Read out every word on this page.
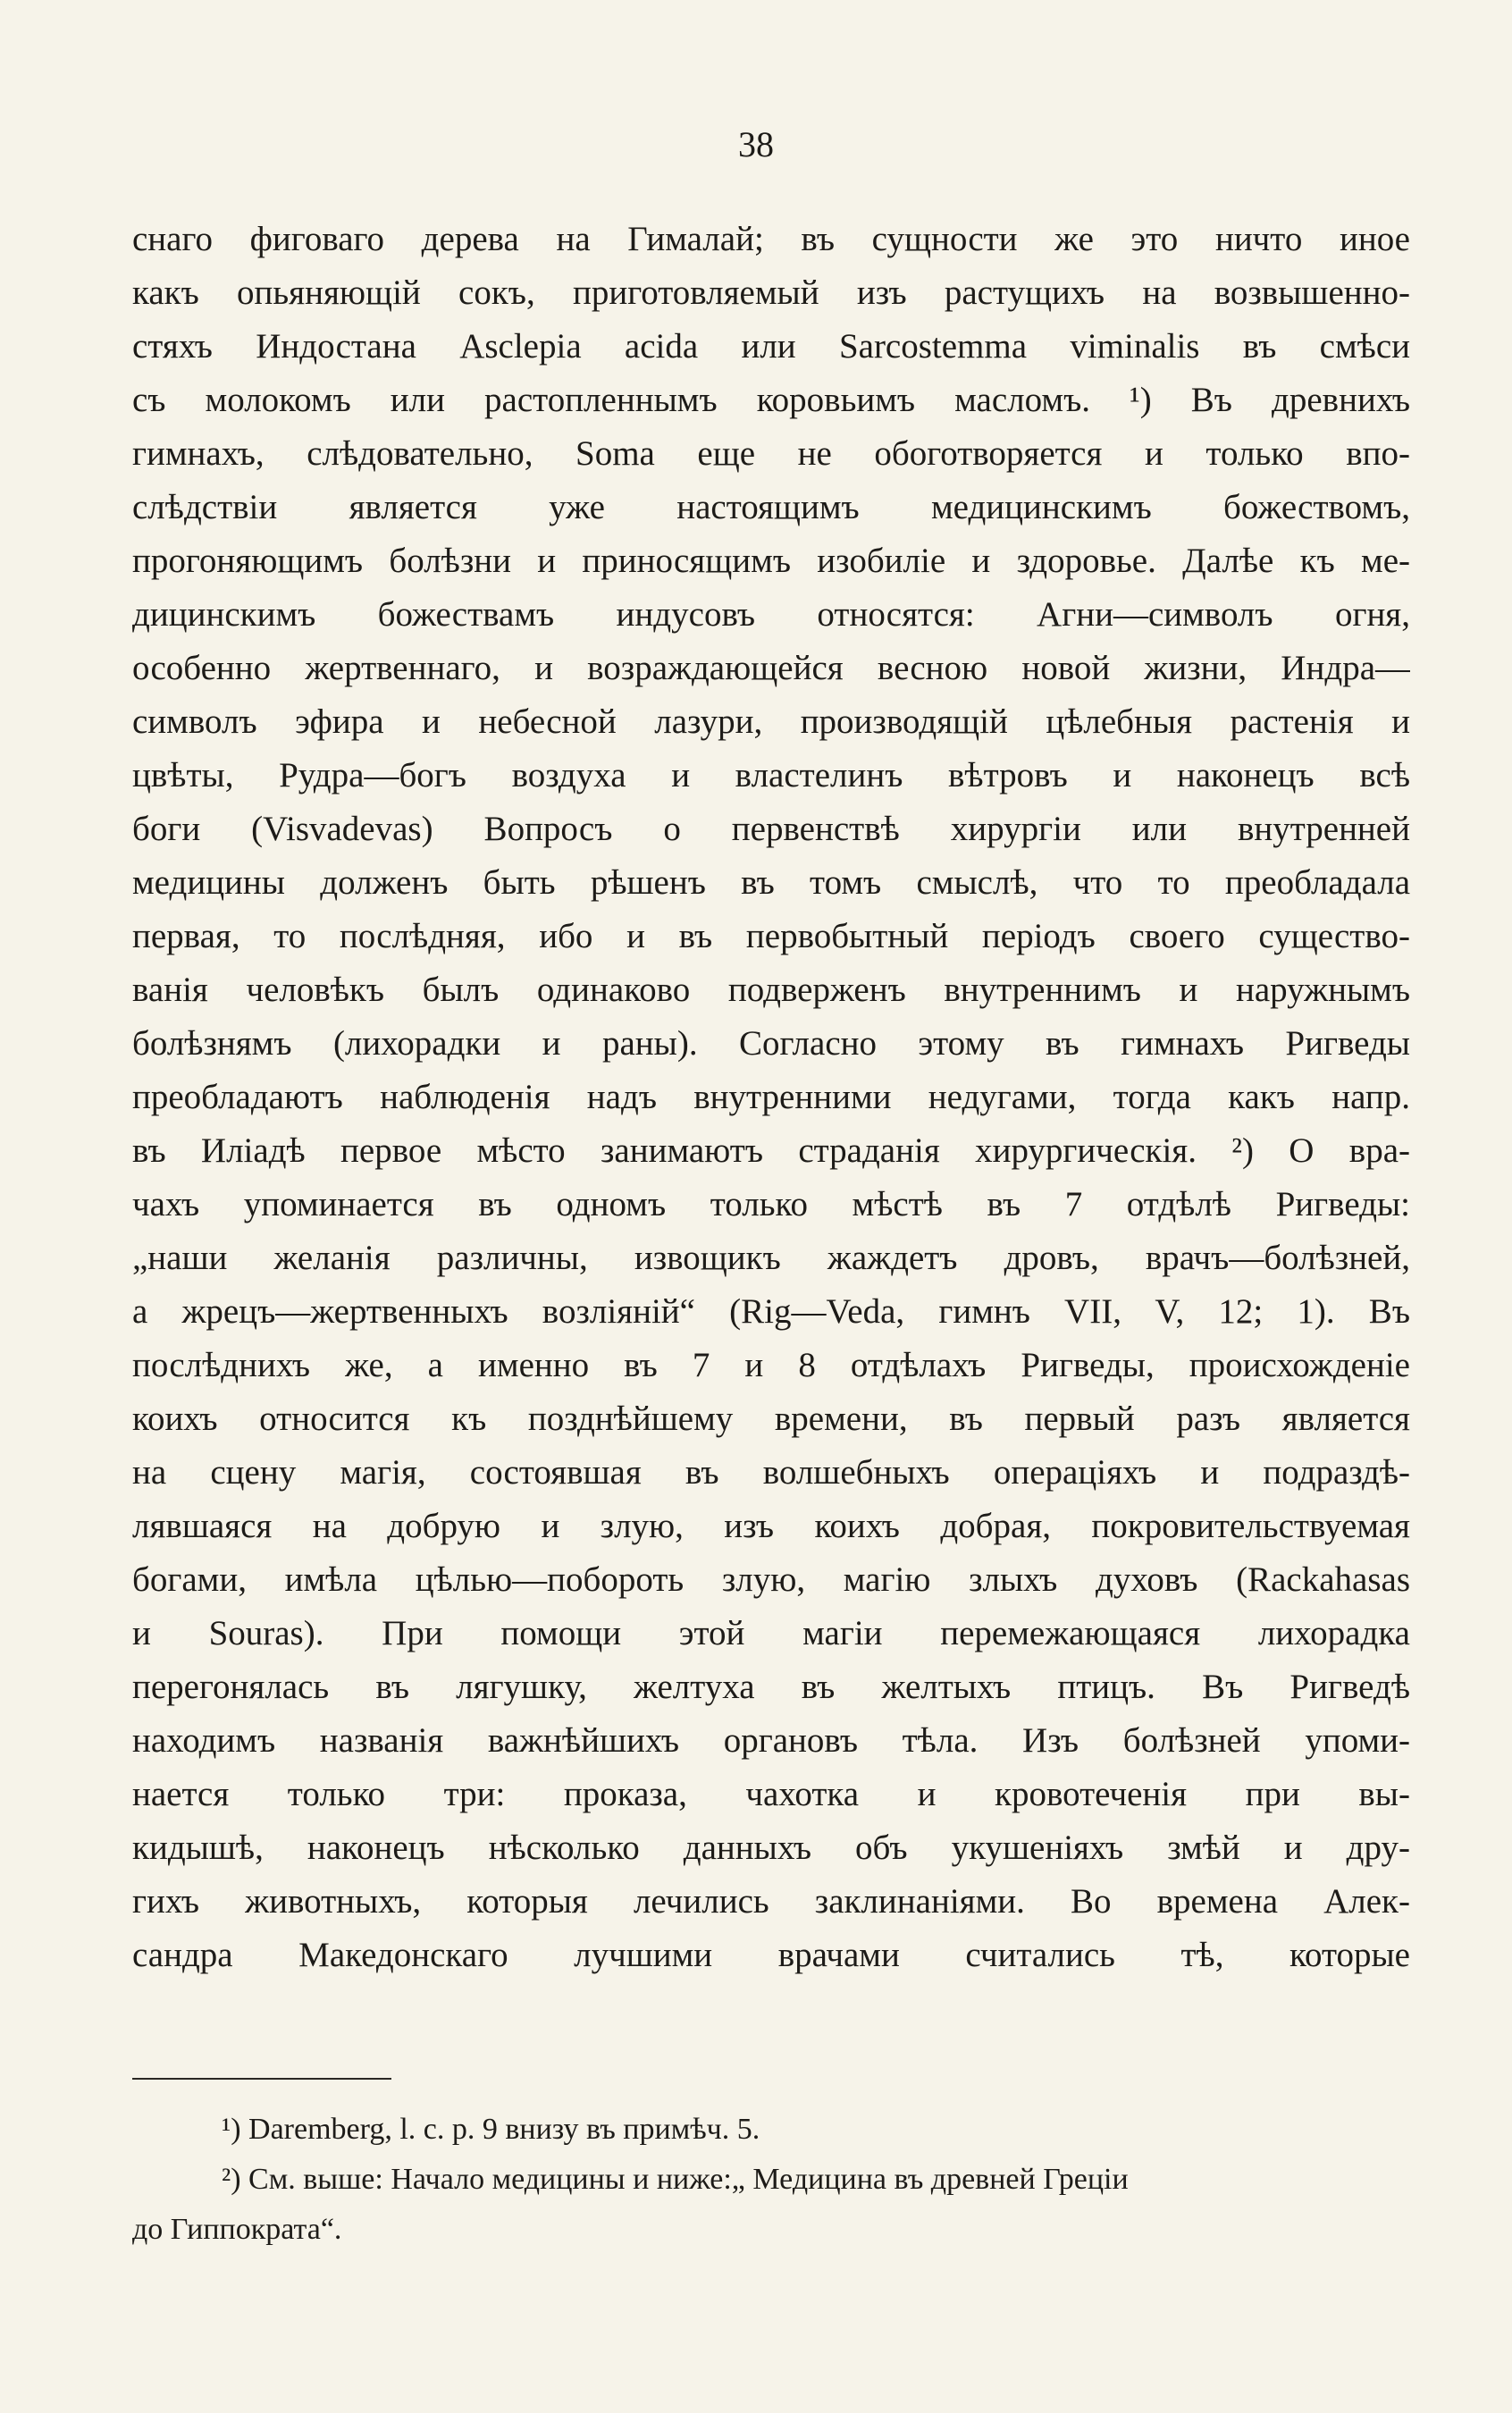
38
снаго фиговаго дерева на Гималай; въ сущности же это ничто иное
какъ опьяняющій сокъ, приготовляемый изъ растущихъ на возвышенно-
стяхъ Индостана Asclepia acida или Sarcostemma viminalis въ смѣси
съ молокомъ или растопленнымъ коровьимъ масломъ. ¹) Въ древнихъ
гимнахъ, слѣдовательно, Soma еще не обоготворяется и только впо-
слѣдствіи является уже настоящимъ медицинскимъ божествомъ,
прогоняющимъ болѣзни и приносящимъ изобиліе и здоровье. Далѣе къ ме-
дицинскимъ божествамъ индусовъ относятся: Агни—символъ огня,
особенно жертвеннаго, и возраждающейся весною новой жизни, Индра—
символъ эфира и небесной лазури, производящій цѣлебныя растенія и
цвѣты, Рудра—богъ воздуха и властелинъ вѣтровъ и наконецъ всѣ
боги (Visvadevas) Вопросъ о первенствѣ хирургіи или внутренней
медицины долженъ быть рѣшенъ въ томъ смыслѣ, что то преобладала
первая, то послѣдняя, ибо и въ первобытный періодъ своего существо-
ванія человѣкъ былъ одинаково подверженъ внутреннимъ и наружнымъ
болѣзнямъ (лихорадки и раны). Согласно этому въ гимнахъ Ригведы
преобладаютъ наблюденія надъ внутренними недугами, тогда какъ напр.
въ Иліадѣ первое мѣсто занимаютъ страданія хирургическія. ²) О вра-
чахъ упоминается въ одномъ только мѣстѣ въ 7 отдѣлѣ Ригведы:
„наши желанія различны, извощикъ жаждетъ дровъ, врачъ—болѣзней,
а жрецъ—жертвенныхъ возліяній“ (Rig—Veda, гимнъ VII, V, 12; 1). Въ
послѣднихъ же, а именно въ 7 и 8 отдѣлахъ Ригведы, происхожденіе
коихъ относится къ позднѣйшему времени, въ первый разъ является
на сцену магія, состоявшая въ волшебныхъ операціяхъ и подраздѣ-
лявшаяся на добрую и злую, изъ коихъ добрая, покровительствуемая
богами, имѣла цѣлью—побороть злую, магію злыхъ духовъ (Rackahasas
и Souras). При помощи этой магіи перемежающаяся лихорадка
перегонялась въ лягушку, желтуха въ желтыхъ птицъ. Въ Ригведѣ
находимъ названія важнѣйшихъ органовъ тѣла. Изъ болѣзней упоми-
нается только три: проказа, чахотка и кровотеченія при вы-
кидышѣ, наконецъ нѣсколько данныхъ объ укушеніяхъ змѣй и дру-
гихъ животныхъ, которыя лечились заклинаніями. Во времена Алек-
сандра Македонскаго лучшими врачами считались тѣ, которые
¹) Daremberg, l. c. p. 9 внизу въ примѣч. 5.
²) См. выше: Начало медицины и ниже:„ Медицина въ древней Греціи
до Гиппократа“.
